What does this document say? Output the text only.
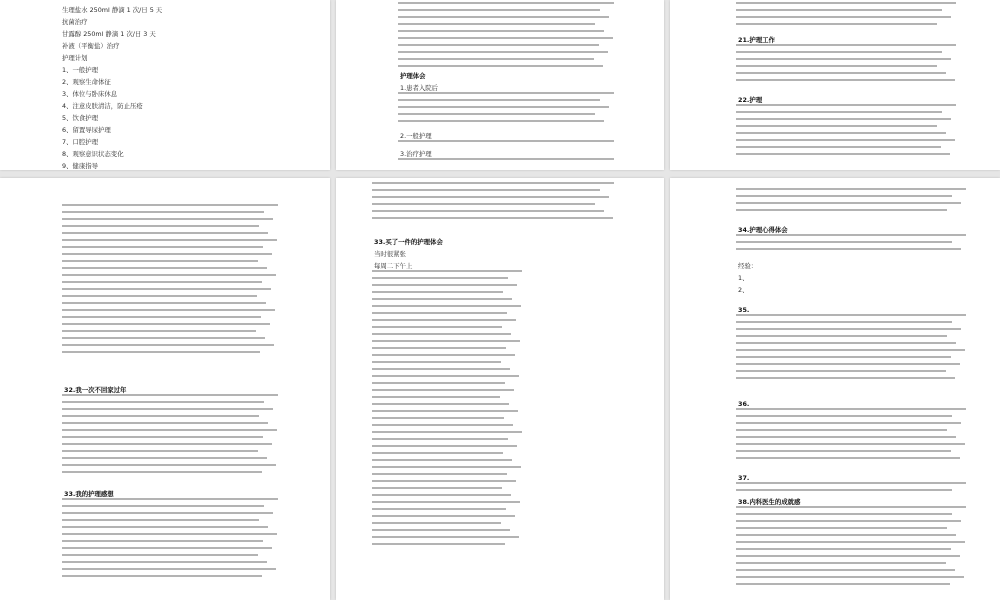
生理盐水 250ml 静滴 1 次/日 5 天
抗菌治疗
甘露醇 250ml 静滴 1 次/日 3 天
补液（平衡盐）治疗
护理计划
1、一般护理
2、观察生命体征
3、体位与卧床休息
4、注意皮肤清洁，防止压疮
5、饮食护理
6、留置导尿护理
7、口腔护理
8、观察意识状态变化
9、健康指导
护理体会
1.患者入院后
2.一般护理
3.治疗护理
21.护理工作
22.护理
32.我一次不回家过年
33.我的护理感想
33.买了一件的护理体会
当时很紧张
每周二下午上
34.护理心得体会
经验：
1、
2、
35.
36.
37.
38.内科医生的成就感
